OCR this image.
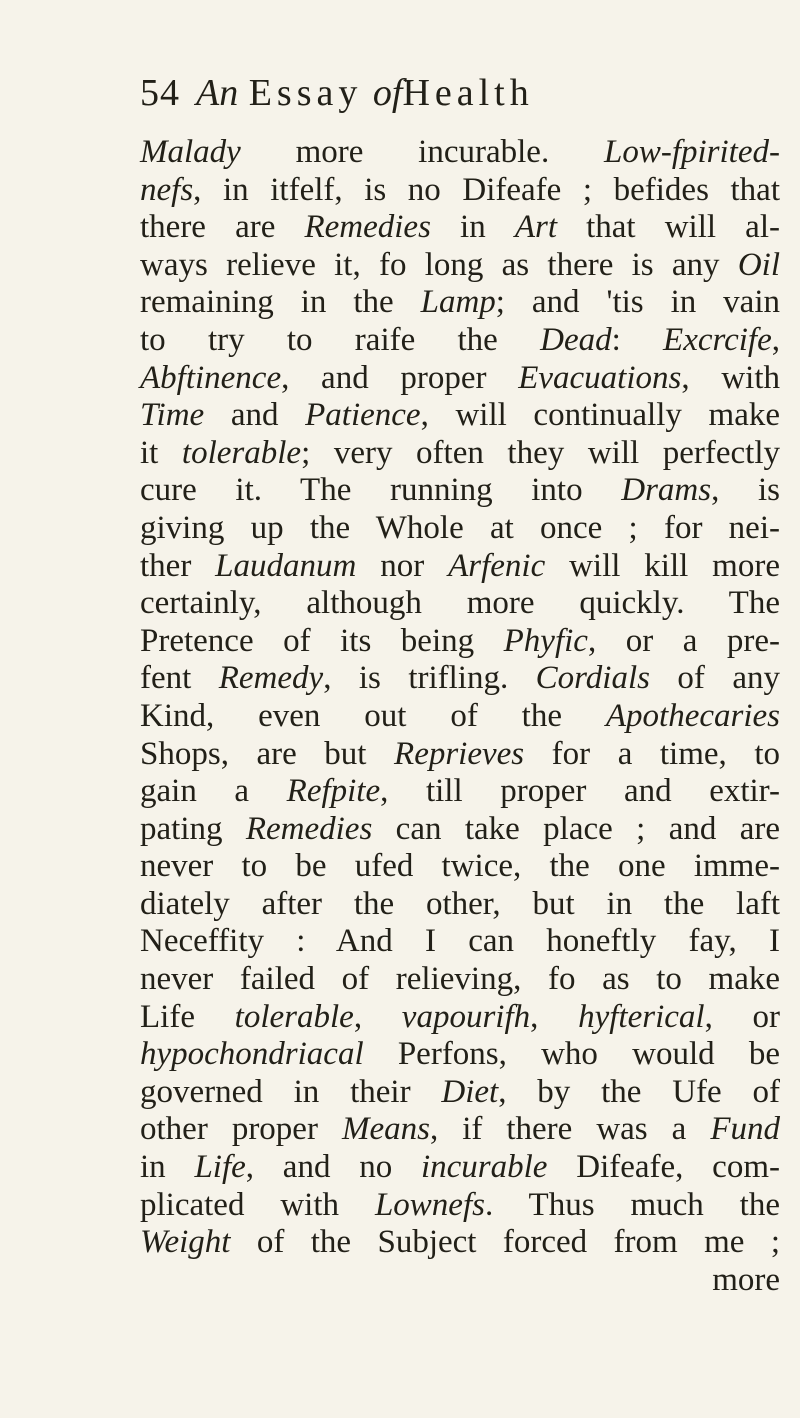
54 An Essay ofHealth
Malady more incurable. Low-fpirited-
nefs, in itfelf, is no Difeafe ; befides that
there are Remedies in Art that will al-
ways relieve it, fo long as there is any Oil
remaining in the Lamp; and 'tis in vain
to try to raife the Dead: Excrcife,
Abftinence, and proper Evacuations, with
Time and Patience, will continually make
it tolerable; very often they will perfectly
cure it. The running into Drams, is
giving up the Whole at once ; for nei-
ther Laudanum nor Arfenic will kill more
certainly, although more quickly. The
Pretence of its being Phyfic, or a pre-
fent Remedy, is trifling. Cordials of any
Kind, even out of the Apothecaries
Shops, are but Reprieves for a time, to
gain a Refpite, till proper and extir-
pating Remedies can take place ; and are
never to be ufed twice, the one imme-
diately after the other, but in the laft
Neceffity : And I can honeftly fay, I
never failed of relieving, fo as to make
Life tolerable, vapourifh, hyfterical, or
hypochondriacal Perfons, who would be
governed in their Diet, by the Ufe of
other proper Means, if there was a Fund
in Life, and no incurable Difeafe, com-
plicated with Lownefs. Thus much the
Weight of the Subject forced from me ;
more
